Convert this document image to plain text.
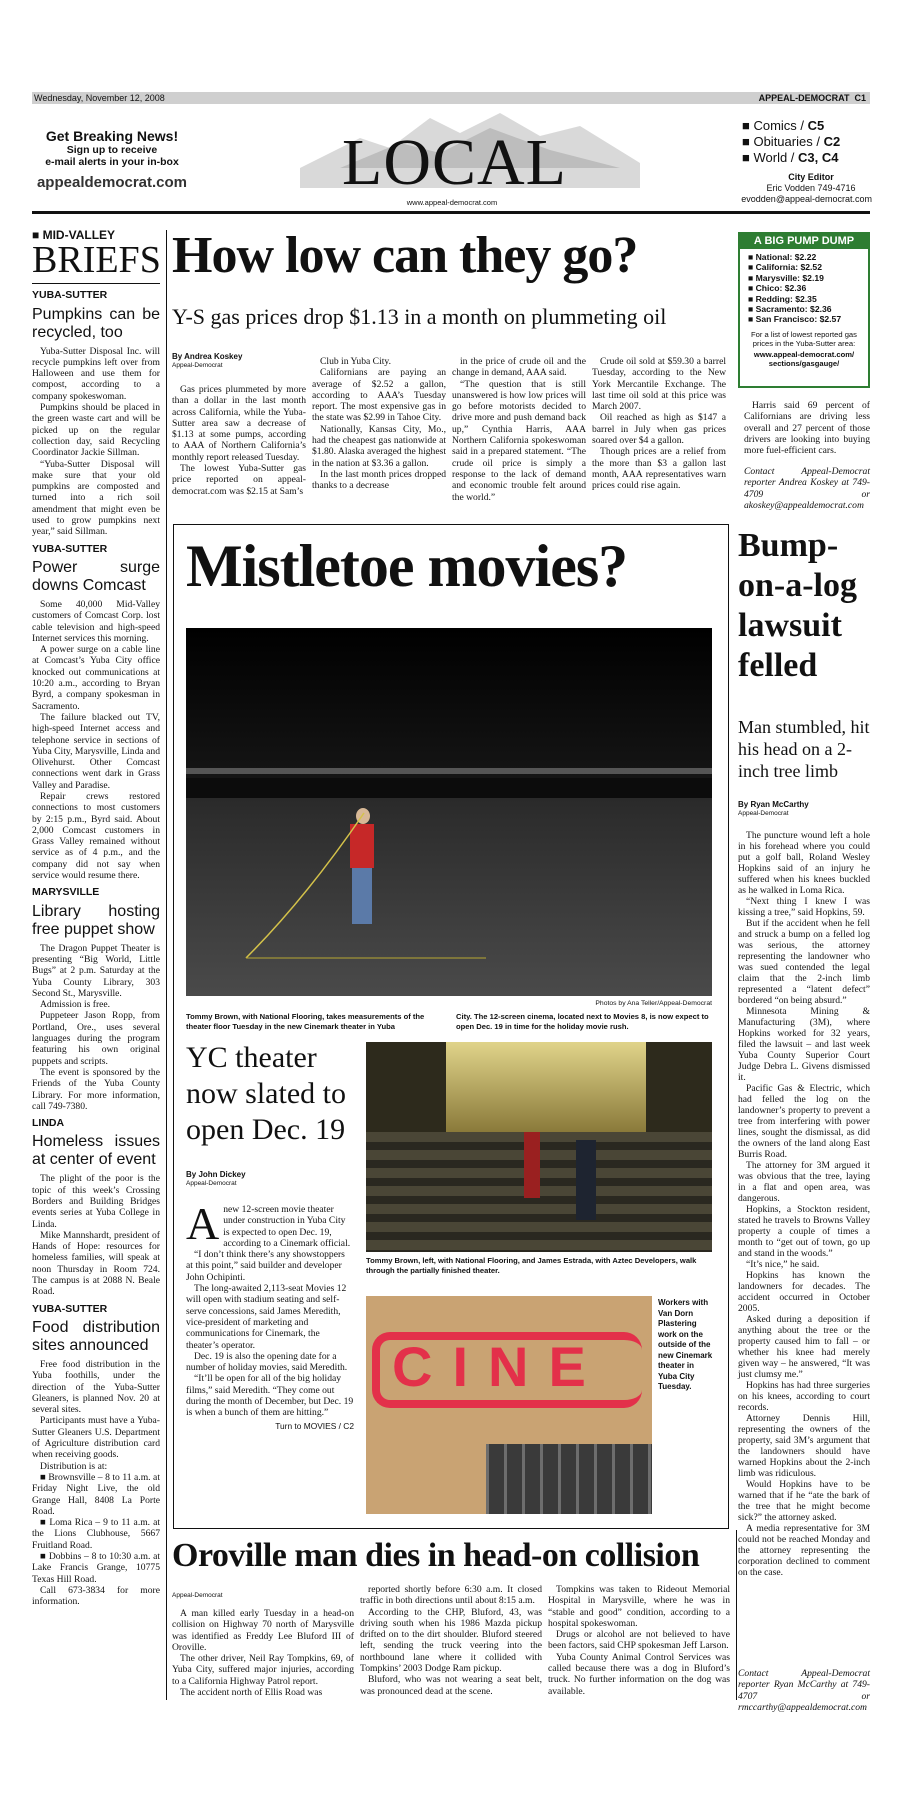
Wednesday, November 12, 2008	APPEAL-DEMOCRAT C1
Get Breaking News!
Sign up to receive
e-mail alerts in your in-box
appealdemocrat.com LOCAL
www.appeal-democrat.com
■ Comics / C5
■ Obituaries / C2
■ World / C3, C4
City Editor
Eric Vodden 749-4716
evodden@appeal-democrat.com
■ MID-VALLEY
BRIEFS
YUBA-SUTTER
Pumpkins can be recycled, too

Yuba-Sutter Disposal Inc. will recycle pumpkins left over from Halloween and use them for compost, according to a company spokeswoman.

Pumpkins should be placed in the green waste cart and will be picked up on the regular collection day, said Recycling Coordinator Jackie Sillman.

“Yuba-Sutter Disposal will make sure that your old pumpkins are composted and turned into a rich soil amendment that might even be used to grow pumpkins next year,” said Sillman.

YUBA-SUTTER
Power surge downs Comcast

Some 40,000 Mid-Valley customers of Comcast Corp. lost cable television and high-speed Internet services this morning.

A power surge on a cable line at Comcast’s Yuba City office knocked out communications at 10:20 a.m., according to Bryan Byrd, a company spokesman in Sacramento.

The failure blacked out TV, high-speed Internet access and telephone service in sections of Yuba City, Marysville, Linda and Olivehurst. Other Comcast connections went dark in Grass Valley and Paradise.

Repair crews restored connections to most customers by 2:15 p.m., Byrd said. About 2,000 Comcast customers in Grass Valley remained without service as of 4 p.m., and the company did not say when service would resume there.

MARYSVILLE
Library hosting free puppet show

The Dragon Puppet Theater is presenting “Big World, Little Bugs” at 2 p.m. Saturday at the Yuba County Library, 303 Second St., Marysville.

Admission is free.

Puppeteer Jason Ropp, from Portland, Ore., uses several languages during the program featuring his own original puppets and scripts.

The event is sponsored by the Friends of the Yuba County Library. For more information, call 749-7380.

LINDA
Homeless issues at center of event

The plight of the poor is the topic of this week’s Crossing Borders and Building Bridges events series at Yuba College in Linda.

Mike Mannshardt, president of Hands of Hope: resources for homeless families, will speak at noon Thursday in Room 724. The campus is at 2088 N. Beale Road.

YUBA-SUTTER
Food distribution sites announced

Free food distribution in the Yuba foothills, under the direction of the Yuba-Sutter Gleaners, is planned Nov. 20 at several sites.

Participants must have a Yuba-Sutter Gleaners U.S. Department of Agriculture distribution card when receiving goods.

Distribution is at:

■ Brownsville – 8 to 11 a.m. at Friday Night Live, the old Grange Hall, 8408 La Porte Road.

■ Loma Rica – 9 to 11 a.m. at the Lions Clubhouse, 5667 Fruitland Road.

■ Dobbins – 8 to 10:30 a.m. at Lake Francis Grange, 10775 Texas Hill Road.

Call 673-3834 for more information.

How low can they go?
Y-S gas prices drop $1.13 in a month on plummeting oil
By Andrea Koskey
Appeal-Democrat

Gas prices plummeted by more than a dollar in the last month across California, while the Yuba-Sutter area saw a decrease of $1.13 at some pumps, according to AAA of Northern California’s monthly report released Tuesday.

The lowest Yuba-Sutter gas price reported on appeal-democrat.com was $2.15 at Sam’s

Club in Yuba City.

Californians are paying an average of $2.52 a gallon, according to AAA’s Tuesday report. The most expensive gas in the state was $2.99 in Tahoe City.

Nationally, Kansas City, Mo., had the cheapest gas nationwide at $1.80. Alaska averaged the highest in the nation at $3.36 a gallon.

In the last month prices dropped thanks to a decrease

in the price of crude oil and the change in demand, AAA said.

“The question that is still unanswered is how low prices will go before motorists decided to drive more and push demand back up,” Cynthia Harris, AAA Northern California spokeswoman said in a prepared statement. “The crude oil price is simply a response to the lack of demand and economic trouble felt around the world.”

Crude oil sold at $59.30 a barrel Tuesday, according to the New York Mercantile Exchange. The last time oil sold at this price was March 2007.

Oil reached as high as $147 a barrel in July when gas prices soared over $4 a gallon.

Though prices are a relief from the more than $3 a gallon last month, AAA representatives warn prices could rise again.

A BIG PUMP DUMP
■ National: $2.22
■ California: $2.52
■ Marysville: $2.19
■ Chico: $2.36
■ Redding: $2.35
■ Sacramento: $2.36
■ San Francisco: $2.57
For a list of lowest reported gas prices in the Yuba-Sutter area:
www.appeal-democrat.com/ sections/gasgauge/

Harris said 69 percent of Californians are driving less overall and 27 percent of those drivers are looking into buying more fuel-efficient cars.

Contact Appeal-Democrat reporter Andrea Koskey at 749-4709 or akoskey@appealdemocrat.com
Mistletoe movies?
Photos by Ana Teller/Appeal-Democrat
Tommy Brown, with National Flooring, takes measurements of the theater floor Tuesday in the new Cinemark theater in Yuba
City. The 12-screen cinema, located next to Movies 8, is now expect to open Dec. 19 in time for the holiday movie rush.
YC theater now slated to open Dec. 19
By John Dickey
Appeal-Democrat
A new 12-screen movie theater under construction in Yuba City is expected to open Dec. 19, according to a Cinemark official.

“I don’t think there’s any showstoppers at this point,” said builder and developer John Ochipinti.

The long-awaited 2,113-seat Movies 12 will open with stadium seating and self-serve concessions, said James Meredith, vice-president of marketing and communications for Cinemark, the theater’s operator.

Dec. 19 is also the opening date for a number of holiday movies, said Meredith.

“It’ll be open for all of the big holiday films,” said Meredith. “They come out during the month of December, but Dec. 19 is when a bunch of them are hitting.”

Turn to MOVIES / C2
Tommy Brown, left, with National Flooring, and James Estrada, with Aztec Developers, walk through the partially finished theater.
CINE
Workers with Van Dorn Plastering work on the outside of the new Cinemark theater in Yuba City Tuesday.
Bump-on-a-log lawsuit felled
Man stumbled, hit his head on a 2-inch tree limb
By Ryan McCarthy
Appeal-Democrat

The puncture wound left a hole in his forehead where you could put a golf ball, Roland Wesley Hopkins said of an injury he suffered when his knees buckled as he walked in Loma Rica.

“Next thing I knew I was kissing a tree,” said Hopkins, 59.

But if the accident when he fell and struck a bump on a felled log was serious, the attorney representing the landowner who was sued contended the legal claim that the 2-inch limb represented a “latent defect” bordered “on being absurd.”

Minnesota Mining & Manufacturing (3M), where Hopkins worked for 32 years, filed the lawsuit – and last week Yuba County Superior Court Judge Debra L. Givens dismissed it.

Pacific Gas & Electric, which had felled the log on the landowner’s property to prevent a tree from interfering with power lines, sought the dismissal, as did the owners of the land along East Burris Road.

The attorney for 3M argued it was obvious that the tree, laying in a flat and open area, was dangerous.

Hopkins, a Stockton resident, stated he travels to Browns Valley property a couple of times a month to “get out of town, go up and stand in the woods.”

“It’s nice,” he said.

Hopkins has known the landowners for decades. The accident occurred in October 2005.

Asked during a deposition if anything about the tree or the property caused him to fall – or whether his knee had merely given way – he answered, “It was just clumsy me.”

Hopkins has had three surgeries on his knees, according to court records.

Attorney Dennis Hill, representing the owners of the property, said 3M’s argument that the landowners should have warned Hopkins about the 2-inch limb was ridiculous.

Would Hopkins have to be warned that if he “ate the bark of the tree that he might become sick?” the attorney asked.

A media representative for 3M could not be reached Monday and the attorney representing the corporation declined to comment on the case.

Contact Appeal-Democrat reporter Ryan McCarthy at 749-4707 or rmccarthy@appealdemocrat.com
Oroville man dies in head-on collision
Appeal-Democrat

A man killed early Tuesday in a head-on collision on Highway 70 north of Marysville was identified as Freddy Lee Bluford III of Oroville.

The other driver, Neil Ray Tompkins, 69, of Yuba City, suffered major injuries, according to a California Highway Patrol report.

The accident north of Ellis Road was

reported shortly before 6:30 a.m. It closed traffic in both directions until about 8:15 a.m.

According to the CHP, Bluford, 43, was driving south when his 1986 Mazda pickup drifted on to the dirt shoulder. Bluford steered left, sending the truck veering into the northbound lane where it collided with Tompkins’ 2003 Dodge Ram pickup.

Bluford, who was not wearing a seat belt, was pronounced dead at the scene.

Tompkins was taken to Rideout Memorial Hospital in Marysville, where he was in “stable and good” condition, according to a hospital spokeswoman.

Drugs or alcohol are not believed to have been factors, said CHP spokesman Jeff Larson.

Yuba County Animal Control Services was called because there was a dog in Bluford’s truck. No further information on the dog was available.
